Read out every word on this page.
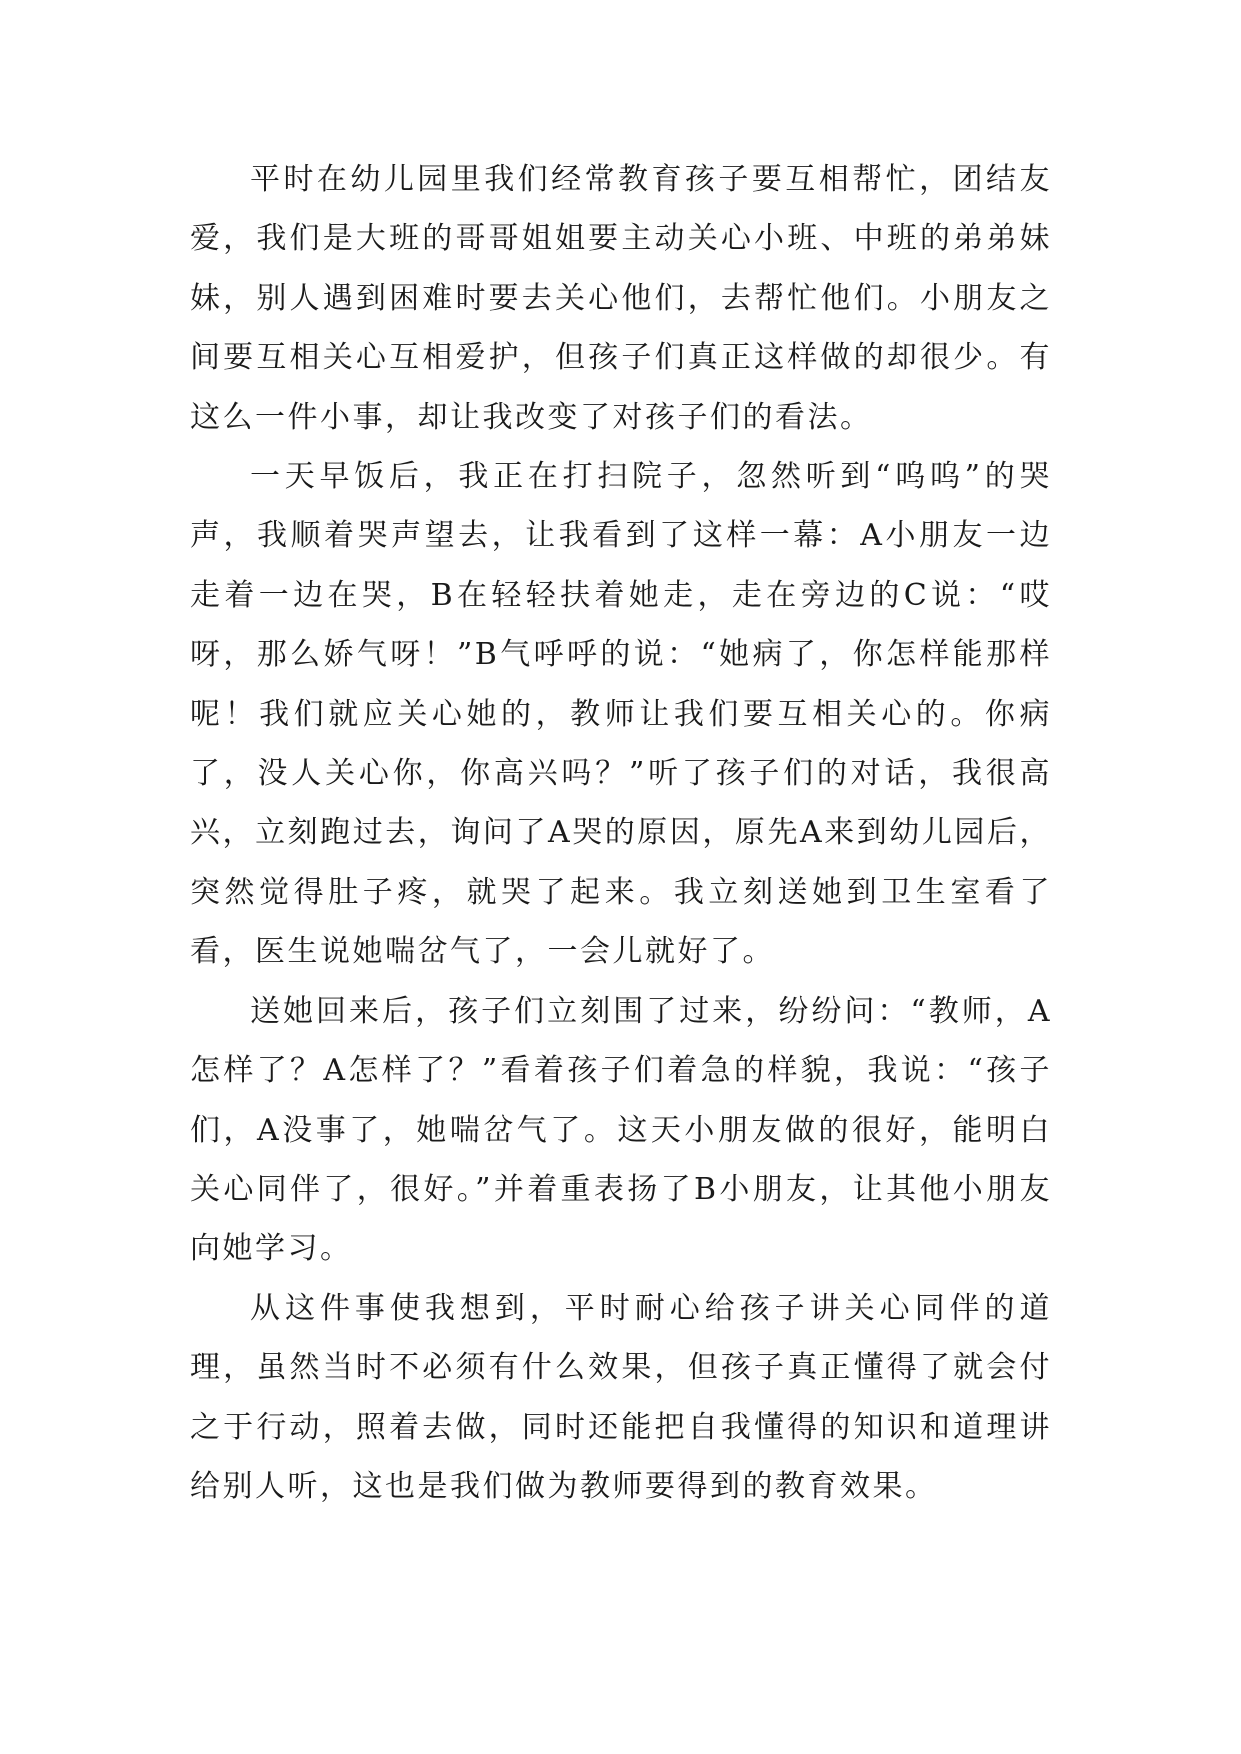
平时在幼儿园里我们经常教育孩子要互相帮忙，团结友爱，我们是大班的哥哥姐姐要主动关心小班、中班的弟弟妹妹，别人遇到困难时要去关心他们，去帮忙他们。小朋友之间要互相关心互相爱护，但孩子们真正这样做的却很少。有这么一件小事，却让我改变了对孩子们的看法。

一天早饭后，我正在打扫院子，忽然听到“呜呜”的哭声，我顺着哭声望去，让我看到了这样一幕：A小朋友一边走着一边在哭，B在轻轻扶着她走，走在旁边的C说：“哎呀，那么娇气呀！”B气呼呼的说：“她病了，你怎样能那样呢！我们就应关心她的，教师让我们要互相关心的。你病了，没人关心你，你高兴吗？”听了孩子们的对话，我很高兴，立刻跑过去，询问了A哭的原因，原先A来到幼儿园后，突然觉得肚子疼，就哭了起来。我立刻送她到卫生室看了看，医生说她喘岔气了，一会儿就好了。

送她回来后，孩子们立刻围了过来，纷纷问：“教师，A怎样了？A怎样了？”看着孩子们着急的样貌，我说：“孩子们，A没事了，她喘岔气了。这天小朋友做的很好，能明白关心同伴了，很好。”并着重表扬了B小朋友，让其他小朋友向她学习。

从这件事使我想到，平时耐心给孩子讲关心同伴的道理，虽然当时不必须有什么效果，但孩子真正懂得了就会付之于行动，照着去做，同时还能把自我懂得的知识和道理讲给别人听，这也是我们做为教师要得到的教育效果。
